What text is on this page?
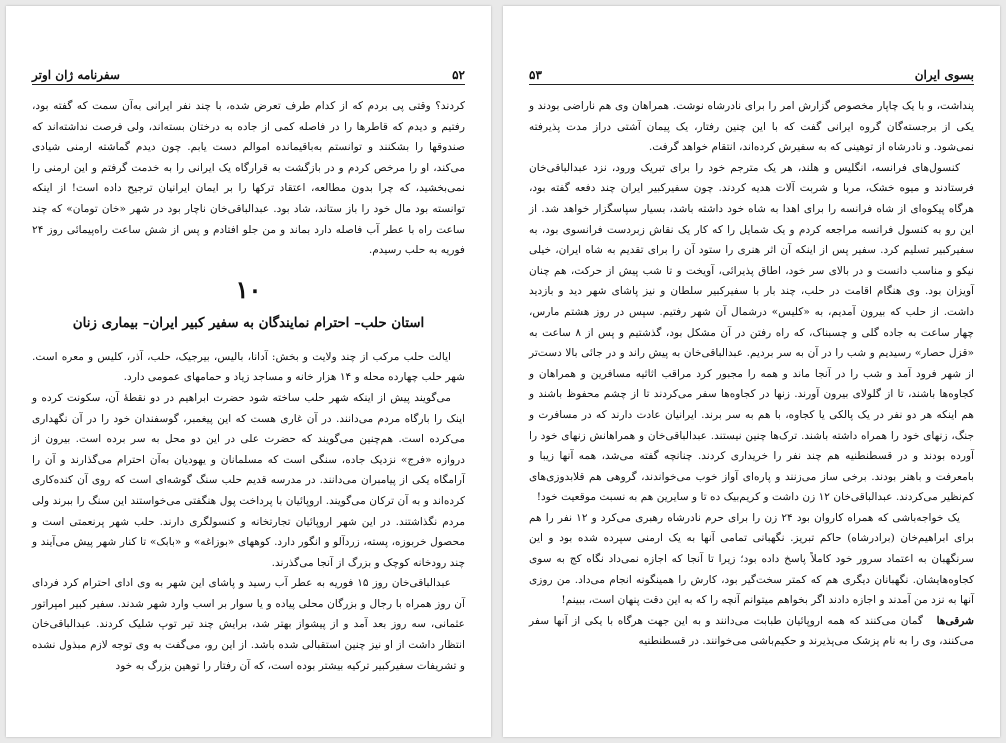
۵۲
سفرنامه ژان اوتر

کردند؟ وقتی پی بردم که از کدام طرف تعرض شده، با چند نفر ایرانی به‌آن سمت که گفته بود، رفتیم و دیدم که قاطرها را در فاصله کمی از جاده به درختان بسته‌اند، ولی فرصت نداشته‌اند که صندوقها را بشکنند و توانستم به‌باقیمانده اموالم دست یابم. چون دیدم گماشته ارمنی شیادی می‌کند، او را مرخص کردم و در بازگشت به قرارگاه یک ایرانی را به خدمت گرفتم و این ارمنی را نمی‌بخشید، که چرا بدون مطالعه، اعتقاد ترکها را بر ایمان ایرانیان ترجیح داده است! از اینکه توانسته بود مال خود را باز ستاند، شاد بود. عبدالباقی‌خان ناچار بود در شهر «خان تومان» که چند ساعت راه با عطر آب فاصله دارد بماند و من جلو افتادم و پس از شش ساعت راه‌پیمائی روز ۲۴ فوریه به حلب رسیدم.

۱۰
استان حلب– احترام نمایندگان به سفیر کبیر ایران– بیماری زنان

ایالت حلب مرکب از چند ولایت و بخش: آدانا، بالیس، بیرجیک، حلب، آذر، کلیس و معره است. شهر حلب چهارده محله و ۱۴ هزار خانه و مساجد زیاد و حمامهای عمومی دارد.

می‌گویند پیش از اینکه شهر حلب ساخته شود حضرت ابراهیم در دو نقطهٔ آن، سکونت کرده و اینک را بارگاه مردم می‌دانند. در آن غاری هست که این پیغمبر، گوسفندان خود را در آن نگهداری می‌کرده است. هم‌چنین می‌گویند که حضرت علی در این دو محل به سر برده است. بیرون از دروازه «فرج» نزدیک جاده، سنگی است که مسلمانان و یهودیان به‌آن احترام می‌گذارند و آن را آرامگاه یکی از پیامبران می‌دانند. در مدرسه قدیم حلب سنگ گوشه‌ای است که روی آن کنده‌کاری کرده‌اند و به آن ترکان می‌گویند. اروپائیان با پرداخت پول هنگفتی می‌خواستند این سنگ را ببرند ولی مردم نگذاشتند. در این شهر اروپائیان تجارتخانه و کنسولگری دارند. حلب شهر پرنعمتی است و محصول خربوزه، پسته، زردآلو و انگور دارد. کوههای «بوزاغه» و «بابک» تا کنار شهر پیش می‌آیند و چند رودخانه کوچک و بزرگ از آنجا می‌گذرند.

عبدالباقی‌خان روز ۱۵ فوریه به عطر آب رسید و پاشای این شهر به وی ادای احترام کرد فردای آن روز همراه با رجال و بزرگان محلی پیاده و یا سوار بر اسب وارد شهر شدند. سفیر کبیر امپراتور عثمانی، سه روز بعد آمد و از پیشواز بهتر شد، برایش چند تیر توپ شلیک کردند. عبدالباقی‌خان انتظار داشت از او نیز چنین استقبالی شده باشد. از این رو، می‌گفت به وی توجه لازم مبذول نشده و تشریفات سفیرکبیر ترکیه بیشتر بوده است، که آن رفتار را توهین بزرگ به خود

بسوی ایران
۵۳

پنداشت، و با یک چاپار مخصوص گزارش امر را برای نادرشاه نوشت. همراهان وی هم ناراضی بودند و یکی از برجسته‌گان گروه ایرانی گفت که با این چنین رفتار، یک پیمان آشتی دراز مدت پذیرفته نمی‌شود. و نادرشاه از توهینی که به سفیرش کرده‌اند، انتقام خواهد گرفت.

کنسول‌های فرانسه، انگلیس و هلند، هر یک مترجم خود را برای تبریک ورود، نزد عبدالباقی‌خان فرستادند و میوه خشک، مربا و شربت آلات هدیه کردند. چون سفیرکبیر ایران چند دفعه گفته بود، هرگاه پیکوه‌ای از شاه فرانسه را برای اهدا به شاه خود داشته باشد، بسیار سپاسگزار خواهد شد. از این رو به کنسول فرانسه مراجعه کردم و یک شمایل را که کار یک نقاش زبردست فرانسوی بود، به سفیرکبیر تسلیم کرد. سفیر پس از اینکه آن اثر هنری را ستود آن را برای تقدیم به شاه ایران، خیلی نیکو و مناسب دانست و در بالای سر خود، اطاق پذیرائی، آویخت و تا شب پیش از حرکت، هم چنان آویزان بود. وی هنگام اقامت در حلب، چند بار با سفیرکبیر سلطان و نیز پاشای شهر دید و بازدید داشت. از حلب که بیرون آمدیم، به «کلیس» درشمال آن شهر رفتیم. سپس در روز هشتم مارس، چهار ساعت به جاده گلی و چسبناک، که راه رفتن در آن مشکل بود، گذشتیم و پس از ۸ ساعت به «قزل حصار» رسیدیم و شب را در آن به سر بردیم. عبدالباقی‌خان به پیش راند و در جائی بالا دست‌تر از شهر فرود آمد و شب را در آنجا ماند و همه را مجبور کرد مراقب اثاثیه مسافرین و همراهان و کجاوه‌ها باشند، تا از گلولای بیرون آورند. زنها در کجاوه‌ها سفر می‌کردند تا از چشم محفوظ باشند و هم اینکه هر دو نفر در یک پالکی یا کجاوه، با هم به سر برند. ایرانیان عادت دارند که در مسافرت و جنگ، زنهای خود را همراه داشته باشند. ترک‌ها چنین نیستند. عبدالباقی‌خان و همراهانش زنهای خود را آورده بودند و در قسطنطنیه هم چند نفر را خریداری کردند. چنانچه گفته می‌شد، همه آنها زیبا و بامعرفت و باهنر بودند. برخی ساز می‌زنند و پاره‌ای آواز خوب می‌خواندند، گروهی هم قلابدوزی‌های کم‌نظیر می‌کردند. عبدالباقی‌خان ۱۲ زن داشت و کریم‌بیک ده تا و سایرین هم به نسبت موقعیت خود!

یک خواجه‌باشی که همراه کاروان بود ۲۴ زن را برای حرم نادرشاه رهبری می‌کرد و ۱۲ نفر را هم برای ابراهیم‌خان (برادرشاه) حاکم تبریز. نگهبانی تمامی آنها به یک ارمنی سپرده شده بود و این سرنگهبان به اعتماد سرور خود کاملاً پاسخ داده بود؛ زیرا تا آنجا که اجازه نمی‌داد نگاه کج به سوی کجاوه‌هایشان. نگهبانان دیگری هم که کمتر سخت‌گیر بود، کارش را همینگونه انجام می‌داد. من روزی آنها به نزد من آمدند و اجازه دادند اگر بخواهم میتوانم آنچه را که به این دقت پنهان است، ببینم!

شرقی‌ها   گمان می‌کنند که همه اروپائیان طبابت می‌دانند و به این جهت هرگاه با یکی از آنها سفر می‌کنند، وی را به نام پزشک می‌پذیرند و حکیم‌باشی می‌خوانند. در قسطنطنیه
